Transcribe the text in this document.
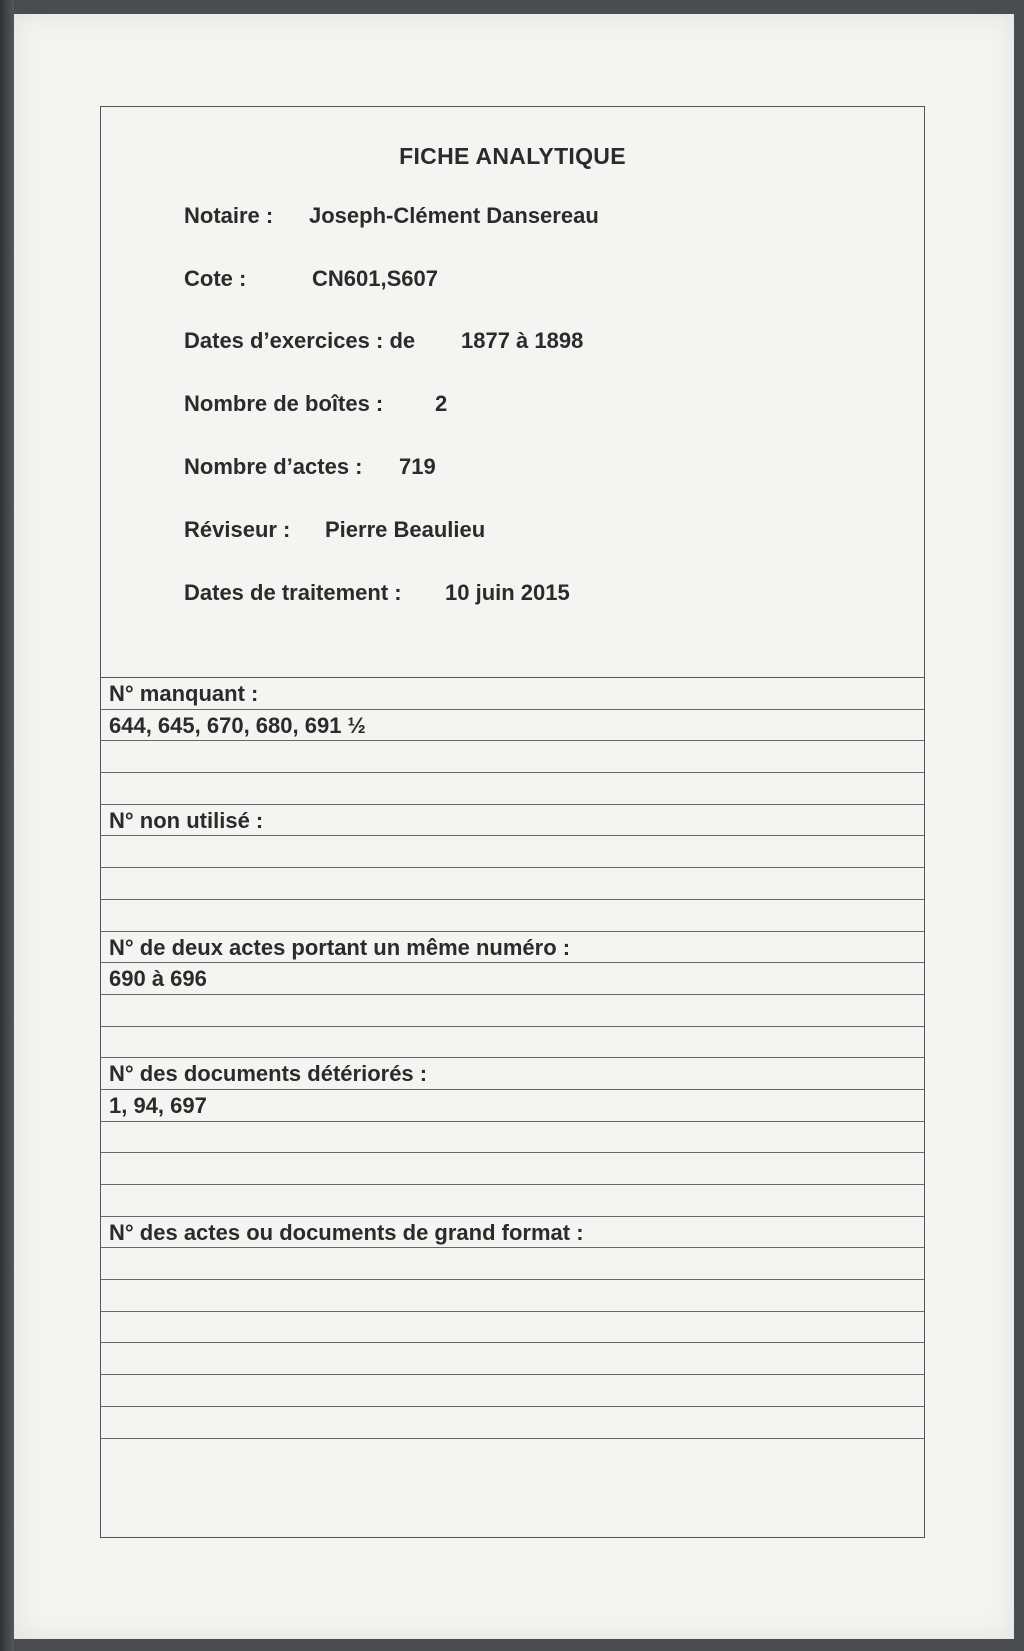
FICHE ANALYTIQUE
Notaire : Joseph-Clément Dansereau
Cote :	CN601,S607
Dates d’exercices : de 1877 à 1898
Nombre de boîtes : 2
Nombre d’actes : 719
Réviseur : Pierre Beaulieu
Dates de traitement : 10 juin 2015
N° manquant :
644, 645, 670, 680, 691 ½
N° non utilisé :
N° de deux actes portant un même numéro :
690 à 696
N° des documents détériorés :
1, 94, 697
N° des actes ou documents de grand format :
